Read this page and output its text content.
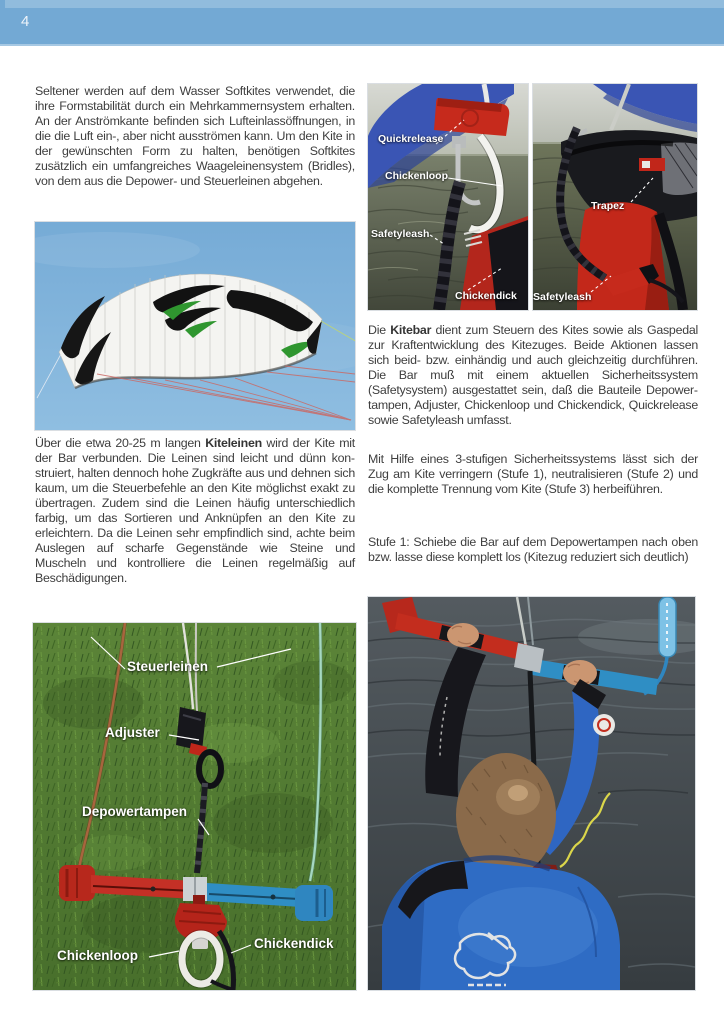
4

Seltener werden auf dem Wasser Softkites verwendet, die ihre Formstabilität durch ein Mehrkammernsystem erhalten. An der Anströmkante befinden sich Lufteinlassöffnungen, in die die Luft ein-, aber nicht ausströmen kann. Um den Kite in der gewünschten Form zu halten, benötigen Softkites zusätzlich ein umfangreiches Waageleinensystem (Bridles), von dem aus die Depower- und Steuerleinen abgehen.

Über die etwa 20-25 m langen Kiteleinen wird der Kite mit der Bar verbunden. Die Leinen sind leicht und dünn konstruiert, halten dennoch hohe Zugkräfte aus und dehnen sich kaum, um die Steuerbefehle an den Kite möglichst exakt zu übertragen. Zudem sind die Leinen häufig unterschiedlich farbig, um das Sortieren und Anknüpfen an den Kite zu erleichtern. Da die Leinen sehr empfindlich sind, achte beim Auslegen auf scharfe Gegenstände wie Steine und Muscheln und kontrolliere die Leinen regelmäßig auf Beschädigungen.

Quickrelease
Chickenloop
Safetyleash
Chickendick
Trapez
Safetyleash

Die Kitebar dient zum Steuern des Kites sowie als Gaspedal zur Kraftentwicklung des Kitezuges. Beide Aktionen lassen sich beid- bzw. einhändig und auch gleichzeitig durchführen. Die Bar muß mit einem aktuellen Sicherheitssystem (Safetysystem) ausgestattet sein, daß die Bauteile Depowertampen, Adjuster, Chickenloop und Chickendick, Quickrelease sowie Safetyleash umfasst.

Mit Hilfe eines 3-stufigen Sicherheitssystems lässt sich der Zug am Kite verringern (Stufe 1), neutralisieren (Stufe 2) und die komplette Trennung vom Kite (Stufe 3) herbeiführen.

Stufe 1: Schiebe die Bar auf dem Depowertampen nach oben bzw. lasse diese komplett los (Kitezug reduziert sich deutlich)

Steuerleinen
Adjuster
Depowertampen
Chickenloop
Chickendick
